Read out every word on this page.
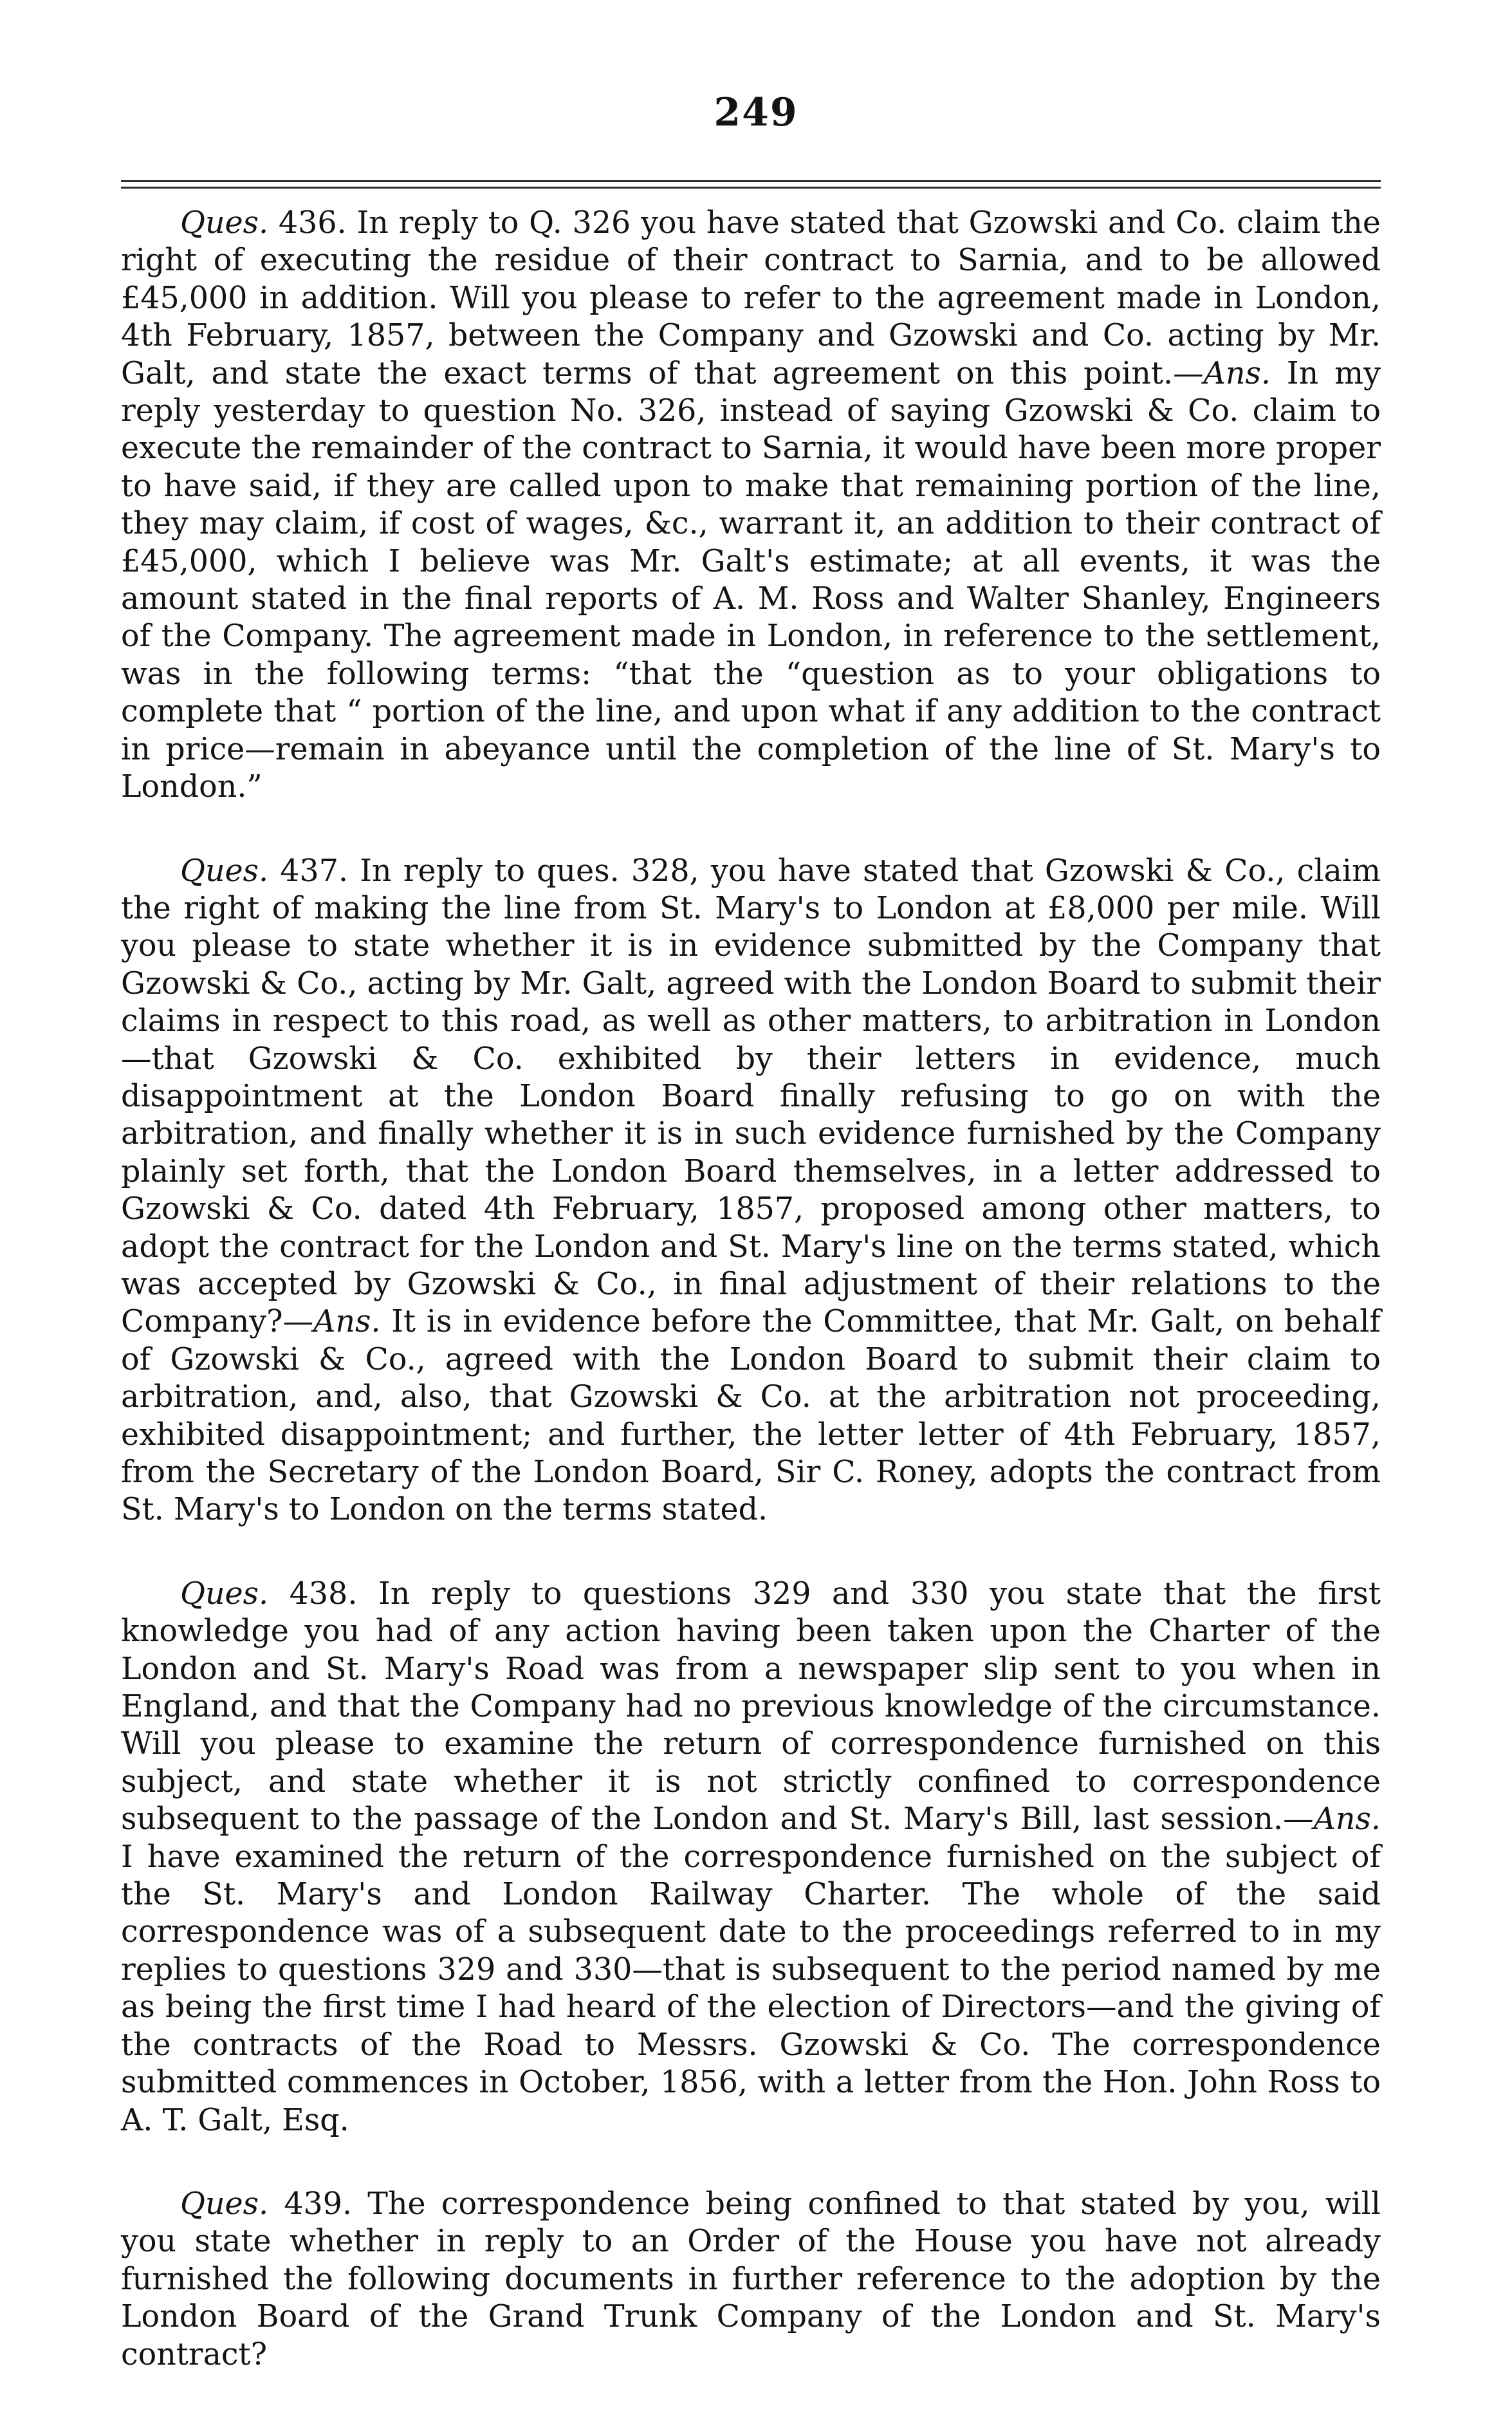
249

Ques. 436. In reply to Q. 326 you have stated that Gzowski and Co. claim the right of executing the residue of their contract to Sarnia, and to be allowed £45,000 in addition. Will you please to refer to the agreement made in London, 4th February, 1857, between the Company and Gzowski and Co. acting by Mr. Galt, and state the exact terms of that agreement on this point.—Ans. In my reply yesterday to question No. 326, instead of saying Gzowski & Co. claim to execute the remainder of the contract to Sarnia, it would have been more proper to have said, if they are called upon to make that remaining portion of the line, they may claim, if cost of wages, &c., warrant it, an addition to their contract of £45,000, which I believe was Mr. Galt's estimate; at all events, it was the amount stated in the final reports of A. M. Ross and Walter Shanley, Engineers of the Company. The agreement made in London, in reference to the settlement, was in the following terms: “that the “question as to your obligations to complete that “ portion of the line, and upon what if any addition to the contract in price—remain in abeyance until the completion of the line of St. Mary's to London.”

Ques. 437. In reply to ques. 328, you have stated that Gzowski & Co., claim the right of making the line from St. Mary's to London at £8,000 per mile. Will you please to state whether it is in evidence submitted by the Company that Gzowski & Co., acting by Mr. Galt, agreed with the London Board to submit their claims in respect to this road, as well as other matters, to arbitration in London—that Gzowski & Co. exhibited by their letters in evidence, much disappointment at the London Board finally refusing to go on with the arbitration, and finally whether it is in such evidence furnished by the Company plainly set forth, that the London Board themselves, in a letter addressed to Gzowski & Co. dated 4th February, 1857, proposed among other matters, to adopt the contract for the London and St. Mary's line on the terms stated, which was accepted by Gzowski & Co., in final adjustment of their relations to the Company?—Ans. It is in evidence before the Committee, that Mr. Galt, on behalf of Gzowski & Co., agreed with the London Board to submit their claim to arbitration, and, also, that Gzowski & Co. at the arbitration not proceeding, exhibited disappointment; and further, the letter letter of 4th February, 1857, from the Secretary of the London Board, Sir C. Roney, adopts the contract from St. Mary's to London on the terms stated.

Ques. 438. In reply to questions 329 and 330 you state that the first knowledge you had of any action having been taken upon the Charter of the London and St. Mary's Road was from a newspaper slip sent to you when in England, and that the Company had no previous knowledge of the circumstance. Will you please to examine the return of correspondence furnished on this subject, and state whether it is not strictly confined to correspondence subsequent to the passage of the London and St. Mary's Bill, last session.—Ans. I have examined the return of the correspondence furnished on the subject of the St. Mary's and London Railway Charter. The whole of the said correspondence was of a subsequent date to the proceedings referred to in my replies to questions 329 and 330—that is subsequent to the period named by me as being the first time I had heard of the election of Directors—and the giving of the contracts of the Road to Messrs. Gzowski & Co. The correspondence submitted commences in October, 1856, with a letter from the Hon. John Ross to A. T. Galt, Esq.

Ques. 439. The correspondence being confined to that stated by you, will you state whether in reply to an Order of the House you have not already furnished the following documents in further reference to the adoption by the London Board of the Grand Trunk Company of the London and St. Mary's contract?
